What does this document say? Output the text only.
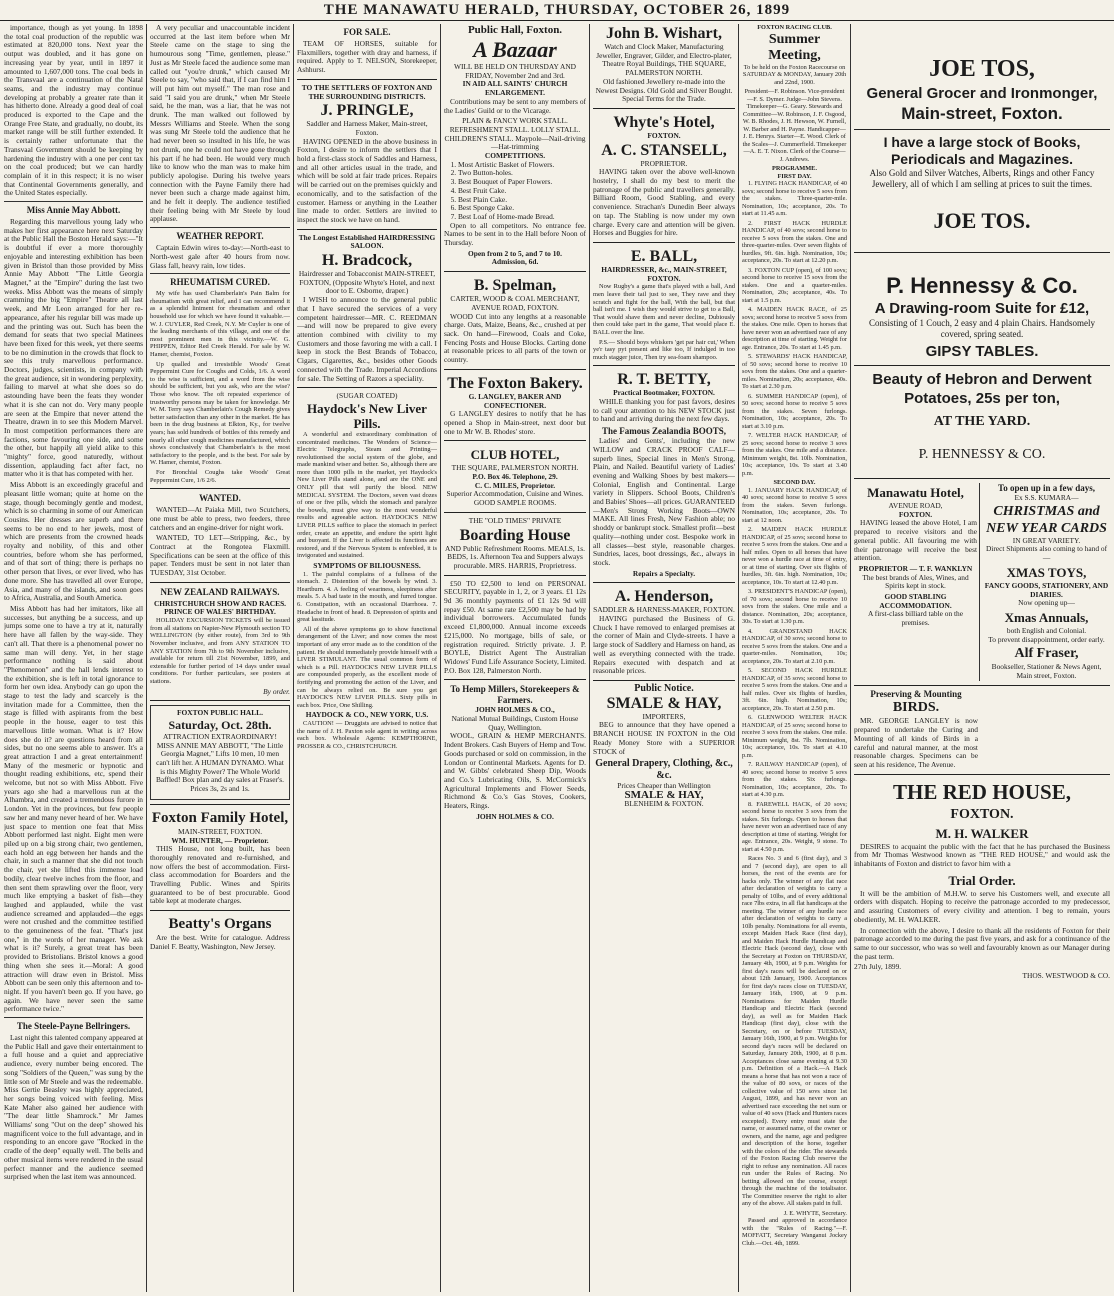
THE MANAWATU HERALD, THURSDAY, OCTOBER 26, 1899

importance, though as yet young. In 1898 the total coal production of the republic was estimated at 820,000 tons. Next year the output was doubled, and it has gone on increasing year by year, until in 1897 it amounted to 1,607,000 tons. The coal beds in the Transvaal are a continuation of the Natal seams, and the industry may continue developing at probably a greater rate than it has hitherto done. Already a good deal of coal produced is exported to the Cape and the Orange Free State, and gradually, no doubt, its market range will be still further extended. It is certainly rather unfortunate that the Transvaal Government should be keeping by hardening the industry with a one per cent tax on the coal produced; but we can hardly complain of it in this respect; it is no wiser that Continental Governments generally, and the United States especially.

Miss Annie May Abbott.

Regarding this marvellous young lady who makes her first appearance here next Saturday at the Public Hall the Boston Herald says:—"It is doubtful if ever a more thoroughly enjoyable and interesting exhibition has been given in Bristol than those provided by Miss Annie May Abbott "The Little Georgia Magnet," at the "Empire" during the last two weeks. Miss Abbott was the means of simply cramming the big "Empire" Theatre all last week, and Mr Leon arranged for her re-appearance, after his regular bill was made up and the printing was out. Such has been the demand for seats that two special Matinees have been fixed for this week, yet there seems to be no diminution in the crowds that flock to see this truly marvellous performance. Doctors, judges, scientists, in company with the great audience, sit in wondering perplexity, failing to marvel at what she does so do astounding have been the feats they wonder what it is she can not do. Very many people are seen at the Empire that never attend the Theatre, drawn in to see this Modern Marvel. In most competition performances there are factions, some favouring one side, and some the other, but happily all yield alike to this "mighty" force, good naturedly, without dissention, applauding fact after fact, no matter who it is that has competed with her.

Miss Abbott is an exceedingly graceful and pleasant little woman; quite at home on the stage, though becomingly gentle and modest, which is so charming in some of our American Cousins. Her dresses are superb and there seems to be no end to her jewels, most of which are presents from the crowned heads royalty and nobility, of this and other countries, before whom she has performed, and of that sort of thing; there is perhaps no other person that lives, or ever lived, who has done more. She has travelled all over Europe, Asia, and many of the islands, and soon goes to Africa, Australia, and South America.

Miss Abbott has had her imitators, like all successes, but anything be a success, and up jumps some one to have a try at it, naturally here have all fallen by the way-side. They can't all. That there is a phenomenal power no same man will deny. Yet, in her stage performance nothing is said about "Phenomenon" and the hall lends interest to the exhibition, she is left in total ignorance to form her own idea. Anybody can go upon the stage to test the lady and scarcely is the invitation made for a Committee, then the stage is filled with aspirants from the best people in the house, eager to test this marvellous little woman. What is it? How does she do it? are questions heard from all sides, but no one seems able to answer. It's a great attraction I and a great entertainment! Many of the mesmeric or hypnotic and thought reading exhibitions, etc, spend their welcome, but not so with Miss Abbott. Five years ago she had a marvellous run at the Alhambra, and created a tremendous furore in London. Yet in the provinces, but few people saw her and many never heard of her. We have just space to mention one feat that Miss Abbott performed last night. Eight men were piled up on a big strong chair, two gentlemen, each hold an egg between her hands and the chair, in such a manner that she did not touch the chair, yet she lifted this immense load bodily, clear twelve inches from the floor, and then sent them sprawling over the floor, very much like emptying a basket of fish—they laughed and applauded, while the vast audience screamed and applauded—the eggs were not crushed and the committee testified to the genuineness of the feat. "That's just one," in the words of her manager. We ask what is it? Surely, a great treat has been provided to Bristolians. Bristol knows a good thing when she sees it.—Moral: A good attraction will draw even in Bristol. Miss Abbott can be seen only this afternoon and to-night. If you haven't been go. If you have, go again. We have never seen the same performance twice."

The Steele-Payne Bellringers.

Last night this talented company appeared at the Public Hall and gave their entertainment to a full house and a quiet and appreciative audience, every number being encored. The song "Soldiers of the Queen," was sung by the little son of Mr Steele and was the redeemable. Miss Gertie Beasley was highly appreciated, her songs being voiced with feeling. Miss Kate Maher also gained her audience with "The dear little Shamrock." Mr James Williams' song "Out on the deep" showed his magnificent voice to the full advantage, and in responding to an encore gave "Rocked in the cradle of the deep" equally well. The bells and other musical items were rendered in the usual perfect manner and the audience seemed surprised when the last item was announced.

A very peculiar and unaccountable incident occurred at the last item before when Mr Steele came on the stage to sing the humourous song "Time, gentlemen, please." Just as Mr Steele faced the audience some man called out "you're drunk," which caused Mr Steele to say, "who said that, if I can find him I will put him out myself." The man rose and said "I said you are drunk," when Mr Steele said, he the man, was a liar, that he was not drunk. The man walked out followed by Messrs Williams and Steele. When the song was sung Mr Steele told the audience that he had never been so insulted in his life, he was not drunk, one he could not have gone through his part if he had been. He would very much like to know who the man was to make him publicly apologise. During his twelve years connection with the Payne Family there had never been such a charge made against him, and he felt it deeply. The audience testified their feeling being with Mr Steele by loud applause.

WEATHER REPORT.

Captain Edwin wires to-day:—North-east to North-west gale after 40 hours from now. Glass fall, heavy rain, low tides.

RHEUMATISM CURED.

My wife has used Chamberlain's Pain Balm for rheumatism with great relief, and I can recommend it as a splendid liniment for rheumatism and other household use for which we have found it valuable.—W. J. CUYLER, Red Creek, N.Y. Mr Cuyler is one of the leading merchants of this village, and one of the most prominent men in this vicinity.—W. G. PHIPPEN, Editor Red Creek Herald. For sale by W. Hamer, chemist, Foxton.

Up qualled and irresistible Woods' Great Peppermint Cure for Coughs and Colds, 1/6. A word to the wise is sufficient, and a word from the wise should be sufficient, but you ask, who are the wise? Those who know. The oft repeated experience of trustworthy persons may be taken for knowledge. Mr W. M. Terry says Chamberlain's Cough Remedy gives better satisfaction than any other in the market. He has been in the drug business at Elkton, Ky., for twelve years; has sold hundreds of bottles of this remedy and nearly all other cough medicines manufactured, which shows conclusively that Chamberlain's is the most satisfactory to the people, and is the best. For sale by W. Hamer, chemist, Foxton.

For Bronchial Coughs take Woods' Great Peppermint Cure, 1/6 2/6.

WANTED.

WANTED—At Paiaka Mill, two Scutchers, one must be able to press, two feeders, three catchers and an engine-driver for night work.

WANTED, TO LET—Stripping, &c., by Contract at the Rongotea Flaxmill. Specifications can be seen at the office of this paper. Tenders must be sent in not later than TUESDAY, 31st October.

NEW ZEALAND RAILWAYS.
CHRISTCHURCH SHOW AND RACES.
PRINCE OF WALES' BIRTHDAY.

HOLIDAY EXCURSION TICKETS will be issued from all stations on Napier-New Plymouth section TO WELLINGTON (by either route), from 3rd to 9th November inclusive, and from ANY STATION TO ANY STATION from 7th to 9th November inclusive, available for return till 21st November, 1899, and extensible for further period of 14 days under usual conditions. For further particulars, see posters at stations.

By order.
FOXTON PUBLIC HALL.
Saturday, Oct. 28th.

ATTRACTION EXTRAORDINARY! MISS ANNIE MAY ABBOTT, "The Little Georgia Magnet," Lifts 10 men, 10 men can't lift her. A HUMAN DYNAMO. What is this Mighty Power? The Whole World Baffled! Box plan and day sales at Fraser's. Prices 3s, 2s and 1s.

Foxton Family Hotel,
MAIN-STREET, FOXTON.
WM. HUNTER, — Proprietor.

THIS House, not long built, has been thoroughly renovated and re-furnished, and now offers the best of accommodation. First-class accommodation for Boarders and the Travelling Public. Wines and Spirits guaranteed to be of best procurable. Good table kept at moderate charges.

Beatty's Organs

Are the best. Write for catalogue. Address Daniel F. Beatty, Washington, New Jersey.

FOR SALE.

TEAM OF HORSES, suitable for Flaxmillers, together with dray and harness, if required. Apply to T. NELSON, Storekeeper, Ashhurst.

TO THE SETTLERS OF FOXTON AND THE SURROUNDING DISTRICTS.
J. PRINGLE,
Saddler and Harness Maker, Main-street, Foxton.

HAVING OPENED in the above business in Foxton, I desire to inform the settlers that I hold a first-class stock of Saddles and Harness, and all other articles usual in the trade, and which will be sold at fair trade prices. Repairs will be carried out on the premises quickly and economically, and to the satisfaction of the customer. Harness or anything in the Leather line made to order. Settlers are invited to inspect the stock we have on hand.

The Longest Established HAIRDRESSING SALOON.
H. Bradcock,
Hairdresser and Tobacconist MAIN-STREET, FOXTON, (Opposite Whyte's Hotel, and next door to E. Osborne, draper.)

I WISH to announce to the general public that I have secured the services of a very competent hairdresser—MR. C. REEDMAN—and will now be prepared to give every attention combined with civility to my Customers and those favoring me with a call. I keep in stock the Best Brands of Tobacco, Cigars, Cigarettes, &c., besides other Goods connected with the Trade. Imperial Accordions for sale. The Setting of Razors a speciality.

(SUGAR COATED)
Haydock's New Liver Pills.

A wonderful and extraordinary combination of concentrated medicines. The Wonders of Science—Electric Telegraphs, Steam and Printing—revolutionised the social system of the globe, and made mankind wiser and better. So, although there are more than 1000 pills in the market, yet Haydock's New Liver Pills stand alone, and are the ONE and ONLY pill that will purify the blood. NEW MEDICAL SYSTEM. The Doctors, seven vast dozes of one or five pills, which the stomach and paralyze the bowels, must give way to the most wonderful results and agreeable action. HAYDOCK'S NEW LIVER PILLS suffice to place the stomach in perfect order, create an appetite, and endure the spirit light and buoyant. If the Liver is affected its functions are restored, and if the Nervous System is enfeebled, it is invigorated and sustained.

SYMPTOMS OF BILIOUSNESS.

1. The painful complains of a fullness of the stomach. 2. Distention of the bowels by wind. 3. Heartburn. 4. A feeling of weariness, sleepiness after meals. 5. A bad taste in the mouth, and furred tongue. 6. Constipation, with an occasional Diarrhoea. 7. Headache in front of head. 8. Depression of spirits and great lassitude.

All of the above symptoms go to show functional derangement of the Liver; and now comes the most important of any error made as to the condition of the patient. He should immediately provide himself with a LIVER STIMULANT. The usual common form of which is a Pill. HAYDOCK'S NEW LIVER PILLS are compounded properly, as the excellent mode of fortifying and promoting the action of the Liver, and can be always relied on. Be sure you get HAYDOCK'S NEW LIVER PILLS. Sixty pills in each box. Price, One Shilling.

HAYDOCK & CO., NEW YORK, U.S.

CAUTION! — Druggists are advised to notice that the name of J. H. Paxton sole agent in writing across each box. Wholesale Agents: KEMPTHORNE, PROSSER & CO., CHRISTCHURCH.

Public Hall, Foxton.
A Bazaar
WILL BE HELD ON THURSDAY AND FRIDAY, November 2nd and 3rd.
IN AID ALL SAINTS' CHURCH ENLARGEMENT.

Contributions may be sent to any members of the Ladies' Guild or to the Vicarage.

PLAIN & FANCY WORK STALL. REFRESHMENT STALL. LOLLY STALL. CHILDREN'S STALL. Maypole—Nail-driving—Hat-trimming
COMPETITIONS.
1. Most Artistic Basket of Flowers.
2. Two Button-holes.
3. Best Bouquet of Paper Flowers.
4. Best Fruit Cake.
5. Best Plain Cake.
6. Best Sponge Cake.
7. Best Loaf of Home-made Bread.

Open to all competitors. No entrance fee. Names to be sent in to the Hall before Noon of Thursday.

Open from 2 to 5, and 7 to 10.
Admission, 6d.
B. Spelman,
CARTER, WOOD & COAL MERCHANT, AVENUE ROAD, FOXTON.

WOOD Cut into any lengths at a reasonable charge. Oats, Maize, Beans, &c., crushed at per sack. On hand—Firewood, Coals and Coke, Fencing Posts and House Blocks. Carting done at reasonable prices to all parts of the town or country.

The Foxton Bakery.
G. LANGLEY, BAKER AND CONFECTIONER.

G LANGLEY desires to notify that he has opened a Shop in Main-street, next door but one to Mr W. B. Rhodes' store.

CLUB HOTEL,
THE SQUARE, PALMERSTON NORTH.
P.O. Box 46. Telephone, 29.
C. C. MILES, Proprietor.

Superior Accommodation, Cuisine and Wines. GOOD SAMPLE ROOMS.

THE "OLD TIMES" PRIVATE
Boarding House

AND Public Refreshment Rooms. MEALS, 1s. BEDS, 1s. Afternoon Tea and Suppers always procurable. MRS. HARRIS, Proprietress.

£50 TO £2,500 to lend on PERSONAL SECURITY, payable in 1, 2, or 3 years. £1 12s 9d 36 monthly payments of £1 12s 9d will repay £50. At same rate £2,500 may be had by individual borrowers. Accumulated funds exceed £1,800,000. Annual income exceeds £215,000. No mortgage, bills of sale, or registration required. Strictly private. J. P. BOYLE, District Agent The Australian Widows' Fund Life Assurance Society, Limited. P.O. Box 128, Palmerston North.

To Hemp Millers, Storekeepers & Farmers.
JOHN HOLMES & CO.,
National Mutual Buildings, Custom House Quay, Wellington.

WOOL, GRAIN & HEMP MERCHANTS. Indent Brokers. Cash Buyers of Hemp and Tow. Goods purchased or sold on commission, in the London or Continental Markets. Agents for D. and W. Gibbs' celebrated Sheep Dip, Woods and Co.'s Lubricating Oils, S. McCormick's Agricultural Implements and Flower Seeds, Richmond & Co.'s Gas Stoves, Cookers, Heaters, Rings.

JOHN HOLMES & CO.
John B. Wishart,
Watch and Clock Maker, Manufacturing Jeweller, Engraver, Gilder, and Electro-plater, Theatre Royal Buildings, THE SQUARE, PALMERSTON NORTH.

Old fashioned Jewellery re-made into the Newest Designs. Old Gold and Silver Bought. Special Terms for the Trade.

Whyte's Hotel,
FOXTON.
A. C. STANSELL,
PROPRIETOR.

HAVING taken over the above well-known hostelry, I shall do my best to merit the patronage of the public and travellers generally. Billiard Room, Good Stabling, and every convenience. Strachan's Dunedin Beer always on tap. The Stabling is now under my own charge. Every care and attention will be given. Horses and Buggies for hire.

E. BALL,
HAIRDRESSER, &c., MAIN-STREET, FOXTON.

Now Rugby's a game that's played with a ball, And men leave their tail just to see, They rave and they scratch and fight for the ball, With the ball, but that ball isn't me. I wish they would strive to get to a Ball, That would shave them and never decline, Dubiously then could take part in the game, That would place E. BALL over the line.

P.S.— Should boys whiskers 'get par hair cut,' When ye'r tasy pyt present and like too, If indulged in too much stagger juice, Then try sea-foam shampoo.

R. T. BETTY,
Practical Bootmaker, FOXTON.

WHILE thanking you for past favors, desires to call your attention to his NEW STOCK just to hand and arriving during the next few days.

The Famous Zealandia BOOTS,

Ladies' and Gents', including the new WILLOW and CRACK PROOF CALF—superb lines, Special lines in Men's Strong, Plain, and Nailed. Beautiful variety of Ladies' evening and Walking Shoes by best makers—Colonial, English and Continental. Large variety in Slippers. School Boots, Children's and Babies' Shoes—all prices. GUARANTEED—Men's Strong Working Boots—OWN MAKE. All lines Fresh, New Fashion able; no shoddy or bankrupt stock. Smallest profit—best quality—nothing under cost. Bespoke work in all classes—best style, reasonable charges. Sundries, laces, boot dressings, &c., always in stock.

Repairs a Specialty.
A. Henderson,
SADDLER & HARNESS-MAKER, FOXTON.

HAVING purchased the Business of G. Chuck I have removed to enlarged premises at the corner of Main and Clyde-streets. I have a large stock of Saddlery and Harness on hand, as well as everything connected with the trade. Repairs executed with despatch and at reasonable prices.

Public Notice.
SMALE & HAY,
IMPORTERS,

BEG to announce that they have opened a BRANCH HOUSE IN FOXTON in the Old Ready Money Store with a SUPERIOR STOCK of

General Drapery, Clothing, &c., &c.
Prices Cheaper than Wellington
SMALE & HAY,
BLENHEIM & FOXTON.
FOXTON RACING CLUB.
Summer Meeting,

To be held on the Foxton Racecourse on SATURDAY & MONDAY, January 20th and 22nd, 1900.

President—F. Robinson. Vice-president—F. S. Dymer. Judge—John Stevens. Timekeeper—G. Geary. Stewards and Committee—W. Robinson, J. F. Osgood, W. B. Rhodes, J. H. Hewson, W. Furnell, W. Barber and H. Payne. Handicapper—J. E. Henrys. Starter—E. Wood. Clerk of the Scales—J. Cummerfield. Timekeeper—A. E. T. Nixon. Clerk of the Course—J. Andrews.

PROGRAMME.
FIRST DAY.

1. FLYING HACK HANDICAP, of 40 sovs; second horse to receive 5 sovs from the stakes. Three-quarter-mile. Nomination, 10s; acceptance, 20s. To start at 11.45 a.m.

2. FIRST HACK HURDLE HANDICAP, of 40 sovs; second horse to receive 5 sovs from the stakes. One and three-quarter-miles. Over seven flights of hurdles, 9ft. 6in. high. Nomination, 10s; acceptance, 20s. To start at 12.20 p.m.

3. FOXTON CUP (open), of 100 sovs; second horse to receive 15 sovs from the stakes. One and a quarter-miles. Nomination, 20s; acceptance, 40s. To start at 1.5 p.m.

4. MAIDEN HACK RACE, of 25 sovs; second horse to receive 5 sovs from the stakes. One mile. Open to horses that have never won an advertised race of any description at time of starting. Weight for age. Entrance, 20s. To start at 1.45 p.m.

5. STEWARDS' HACK HANDICAP, of 50 sovs; second horse to receive 10 sovs from the stakes. One and a quarter-miles. Nomination, 20s; acceptance, 40s. To start at 2.30 p.m.

6. SUMMER HANDICAP (open), of 50 sovs; second horse to receive 5 sovs from the stakes. Seven furlongs. Nomination, 10s; acceptance, 20s. To start at 3.10 p.m.

7. WELTER HACK HANDICAP, of 25 sovs; second horse to receive 3 sovs from the stakes. One mile and a distance. Minimum weight, 8st. 10lb. Nomination, 10s; acceptance, 10s. To start at 3.40 p.m.

SECOND DAY.

1. JANUARY HACK HANDICAP, of 40 sovs; second horse to receive 5 sovs from the stakes. Seven furlongs. Nomination, 10s; acceptance, 20s. To start at 12 noon.

2. MAIDEN HACK HURDLE HANDICAP, of 25 sovs; second horse to receive 5 sovs from the stakes. One and a half miles. Open to all horses that have never won a hurdle race at time of entry, or at time of starting. Over six flights of hurdles, 3ft. 6in. high. Nomination, 10s; acceptance, 10s. To start at 12.40 p.m.

3. PRESIDENT'S HANDICAP (open), of 70 sovs; second horse to receive 10 sovs from the stakes. One mile and a distance. Nomination, 20s; acceptance, 30s. To start at 1.30 p.m.

4. GRANDSTAND HACK HANDICAP, of 30 sovs; second horse to receive 5 sovs from the stakes. One and a quarter-miles. Nomination, 10s; acceptance, 20s. To start at 2.10 p.m.

5. SECOND HACK HURDLE HANDICAP, of 35 sovs; second horse to receive 5 sovs from the stakes. One and a half miles. Over six flights of hurdles, 3ft. 6in. high. Nomination, 10s; acceptance, 20s. To start at 2.50 p.m.

6. GLENWOOD WELTER HACK HANDICAP, of 25 sovs; second horse to receive 3 sovs from the stakes. One mile. Minimum weight, 8st. 7lb. Nomination, 10s; acceptance, 10s. To start at 4.10 p.m.

7. RAILWAY HANDICAP (open), of 40 sovs; second horse to receive 5 sovs from the stakes. Six furlongs. Nomination, 10s; acceptance, 20s. To start at 4.30 p.m.

8. FAREWELL HACK, of 20 sovs; second horse to receive 3 sovs from the stakes. Six furlongs. Open to horses that have never won an advertised race of any description at time of starting. Weight for age. Entrance, 20s. Weight, 9 stone. To start at 4.50 p.m.

Races No. 3 and 6 (first day), and 3 and 7 (second day), are open to all horses, the rest of the events are for hacks only. The winner of any flat race after declaration of weights to carry a penalty of 10lbs, and of every additional race 7lbs extra, in all flat handicaps at the meeting. The winner of any hurdle race after declaration of weights to carry a 10lb penalty. Nominations for all events, except Maiden Hack Race (first day), and Maiden Hack Hurdle Handicap and Electric Hack (second day), close with the Secretary at Foxton on THURSDAY, January 4th, 1900, at 9 p.m. Weights for first day's races will be declared on or about 12th January, 1900. Acceptances for first day's races close on TUESDAY, January 16th, 1900, at 9 p.m. Nominations for Maiden Hurdle Handicap and Electric Hack (second day), as well as for Maiden Hack Handicap (first day), close with the Secretary, on or before TUESDAY, January 16th, 1900, at 9 p.m. Weights for second day's races will be declared on Saturday, January 20th, 1900, at 8 p.m. Acceptances close same evening at 9.30 p.m. Definition of a Hack.—A Hack means a horse that has not won a race of the value of 80 sovs, or races of the collective value of 150 sovs since 1st August, 1899, and has never won an advertised race exceeding the net sum or value of 40 sovs (Hack and Hunters races excepted). Every entry must state the name, or assumed name, of the owner or owners, and the name, age and pedigree and description of the horse, together with the colors of the rider. The stewards of the Foxton Racing Club reserve the right to refuse any nomination. All races run under the Rules of Racing. No betting allowed on the course, except through the machine of the totalisator. The Committee reserve the right to alter any of the above. All stakes paid in full.

J. E. WHYTE, Secretary.

Passed and approved in accordance with the "Rules of Racing."—F. MOFFATT, Secretary Wanganui Jockey Club.—Oct. 4th, 1899.

JOE TOS,
General Grocer and Ironmonger,
Main-street, Foxton.
I have a large stock of Books, Periodicals and Magazines.

Also Gold and Silver Watches, Alberts, Rings and other Fancy Jewellery, all of which I am selling at prices to suit the times.

JOE TOS.
P. Hennessy & Co.
A Drawing-room Suite for £12,

Consisting of 1 Couch, 2 easy and 4 plain Chairs. Handsomely covered, spring seated.

GIPSY TABLES.
Beauty of Hebron and Derwent Potatoes, 25s per ton,
AT THE YARD.
P. HENNESSY & CO.
Manawatu Hotel,
AVENUE ROAD,
FOXTON.

HAVING leased the above Hotel, I am prepared to receive visitors and the general public. All favouring me with their patronage will receive the best attention.

PROPRIETOR — T. F. WANKLYN

The best brands of Ales, Wines, and Spirits kept in stock.

GOOD STABLING ACCOMMODATION.

A first-class billiard table on the premises.

To open up in a few days,
Ex S.S. KUMARA—
CHRISTMAS and NEW YEAR CARDS
IN GREAT VARIETY.
Direct Shipments also coming to hand of—
XMAS TOYS,
FANCY GOODS, STATIONERY, AND DIARIES.
Now opening up—
Xmas Annuals,
both English and Colonial.
To prevent disappointment, order early.
Alf Fraser,
Bookseller, Stationer & News Agent, Main street, Foxton.
Preserving & Mounting
BIRDS.

MR. GEORGE LANGLEY is now prepared to undertake the Curing and Mounting of all kinds of Birds in a careful and natural manner, at the most reasonable charges. Specimens can be seen at his residence, The Avenue.

THE RED HOUSE,
FOXTON.
M. H. WALKER

DESIRES to acquaint the public with the fact that he has purchased the Business from Mr Thomas Westwood known as "THE RED HOUSE," and would ask the inhabitants of Foxton and district to favor him with a

Trial Order.

It will be the ambition of M.H.W. to serve his Customers well, and execute all orders with dispatch. Hoping to receive the patronage accorded to my predecessor, and assuring Customers of every civility and attention. I beg to remain, yours obediently, M. H. WALKER.

In connection with the above, I desire to thank all the residents of Foxton for their patronage accorded to me during the past five years, and ask for a continuance of the same to our successor, who was so well and favourably known as our Manager during the past term.

27th July, 1899.
THOS. WESTWOOD & CO.
